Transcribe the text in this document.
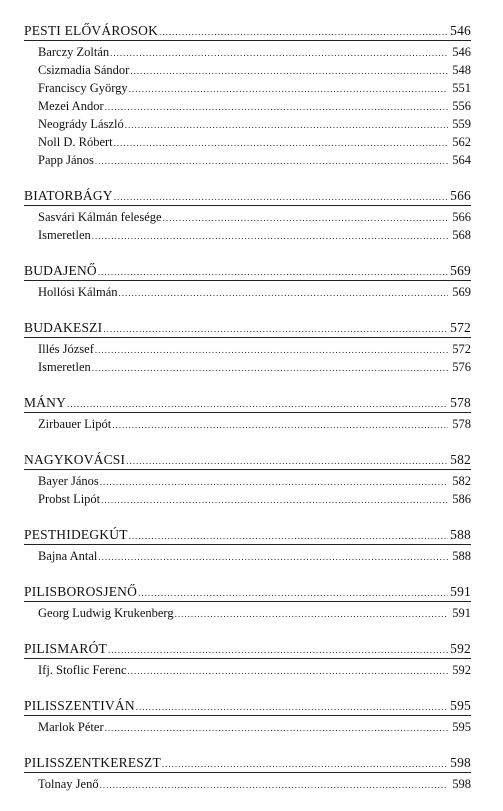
PESTI ELŐVÁROSOK .....	546
Barczy Zoltán .....	546
Csizmadia Sándor .....	548
Franciscy György .....	551
Mezei Andor .....	556
Neogrády László .....	559
Noll D. Róbert .....	562
Papp János .....	564
BIATORBÁGY .....	566
Sasvári Kálmán felesége .....	566
Ismeretlen .....	568
BUDAJENŐ .....	569
Hollósi Kálmán .....	569
BUDAKESZI .....	572
Illés József .....	572
Ismeretlen .....	576
MÁNY .....	578
Zirbauer Lipót .....	578
NAGYKOVÁCSI .....	582
Bayer János .....	582
Probst Lipót .....	586
PESTHIDEGKÚT .....	588
Bajna Antal .....	588
PILISBOROSJENŐ .....	591
Georg Ludwig Krukenberg .....	591
PILISMARÓT .....	592
Ifj. Stoflic Ferenc .....	592
PILISSZENTIVÁN .....	595
Marlok Péter .....	595
PILISSZENTKERESZT .....	598
Tolnay Jenő .....	598
